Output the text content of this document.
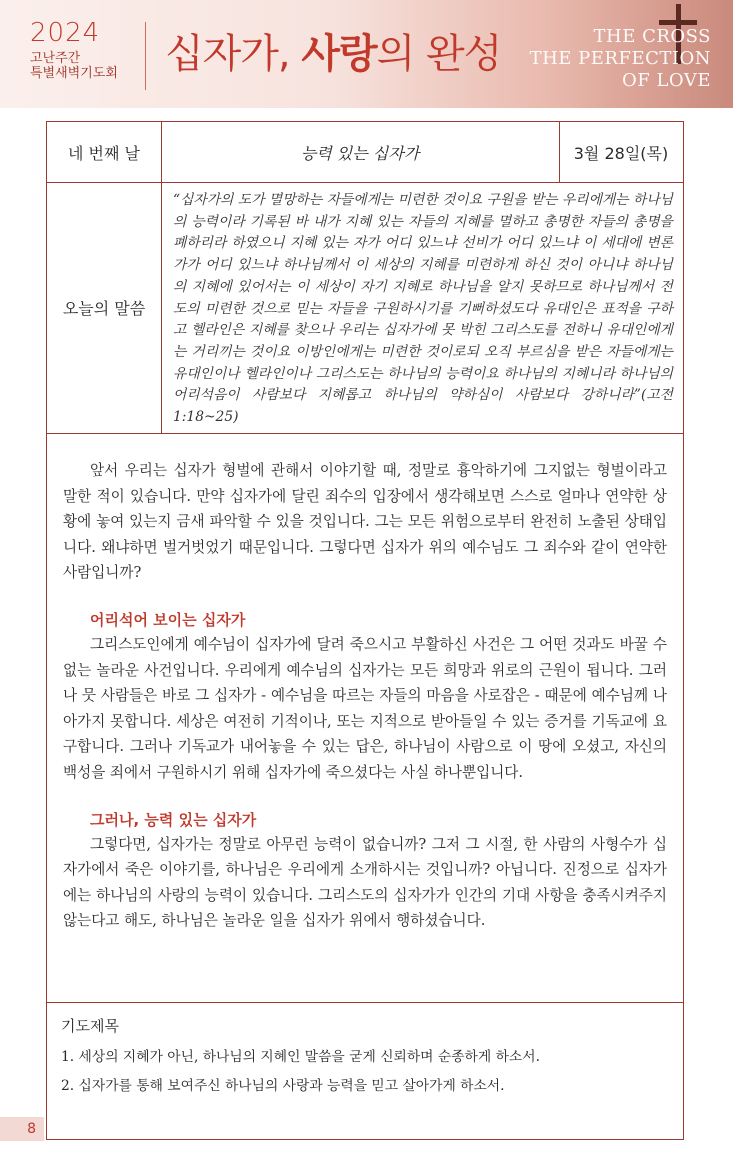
2024
고난주간
특별새벽기도회 십자가, 사랑의 완성	THE CROSS
THE PERFECTION
OF LOVE
네 번째 날	능력 있는 십자가	3월 28일(목)
오늘의 말씀
“십자가의 도가 멸망하는 자들에게는 미련한 것이요 구원을 받는 우리에게는 하나님의 능력이라 기록된 바 내가 지혜 있는 자들의 지혜를 멸하고 총명한 자들의 총명을 폐하리라 하였으니 지혜 있는 자가 어디 있느냐 선비가 어디 있느냐 이 세대에 변론가가 어디 있느냐 하나님께서 이 세상의 지혜를 미련하게 하신 것이 아니냐 하나님의 지혜에 있어서는 이 세상이 자기 지혜로 하나님을 알지 못하므로 하나님께서 전도의 미련한 것으로 믿는 자들을 구원하시기를 기뻐하셨도다 유대인은 표적을 구하고 헬라인은 지혜를 찾으나 우리는 십자가에 못 박힌 그리스도를 전하니 유대인에게는 거리끼는 것이요 이방인에게는 미련한 것이로되 오직 부르심을 받은 자들에게는 유대인이나 헬라인이나 그리스도는 하나님의 능력이요 하나님의 지혜니라 하나님의 어리석음이 사람보다 지혜롭고 하나님의 약하심이 사람보다 강하니라”(고전 1:18~25)

앞서 우리는 십자가 형벌에 관해서 이야기할 때, 정말로 흉악하기에 그지없는 형벌이라고 말한 적이 있습니다. 만약 십자가에 달린 죄수의 입장에서 생각해보면 스스로 얼마나 연약한 상황에 놓여 있는지 금새 파악할 수 있을 것입니다. 그는 모든 위험으로부터 완전히 노출된 상태입니다. 왜냐하면 벌거벗었기 때문입니다. 그렇다면 십자가 위의 예수님도 그 죄수와 같이 연약한 사람입니까?

어리석어 보이는 십자가

그리스도인에게 예수님이 십자가에 달려 죽으시고 부활하신 사건은 그 어떤 것과도 바꿀 수 없는 놀라운 사건입니다. 우리에게 예수님의 십자가는 모든 희망과 위로의 근원이 됩니다. 그러나 뭇 사람들은 바로 그 십자가 - 예수님을 따르는 자들의 마음을 사로잡은 - 때문에 예수님께 나아가지 못합니다. 세상은 여전히 기적이나, 또는 지적으로 받아들일 수 있는 증거를 기독교에 요구합니다. 그러나 기독교가 내어놓을 수 있는 답은, 하나님이 사람으로 이 땅에 오셨고, 자신의 백성을 죄에서 구원하시기 위해 십자가에 죽으셨다는 사실 하나뿐입니다.

그러나, 능력 있는 십자가

그렇다면, 십자가는 정말로 아무런 능력이 없습니까? 그저 그 시절, 한 사람의 사형수가 십자가에서 죽은 이야기를, 하나님은 우리에게 소개하시는 것입니까? 아닙니다. 진정으로 십자가에는 하나님의 사랑의 능력이 있습니다. 그리스도의 십자가가 인간의 기대 사항을 충족시켜주지 않는다고 해도, 하나님은 놀라운 일을 십자가 위에서 행하셨습니다.

기도제목
1. 세상의 지혜가 아닌, 하나님의 지혜인 말씀을 굳게 신뢰하며 순종하게 하소서.
2. 십자가를 통해 보여주신 하나님의 사랑과 능력을 믿고 살아가게 하소서.
8
